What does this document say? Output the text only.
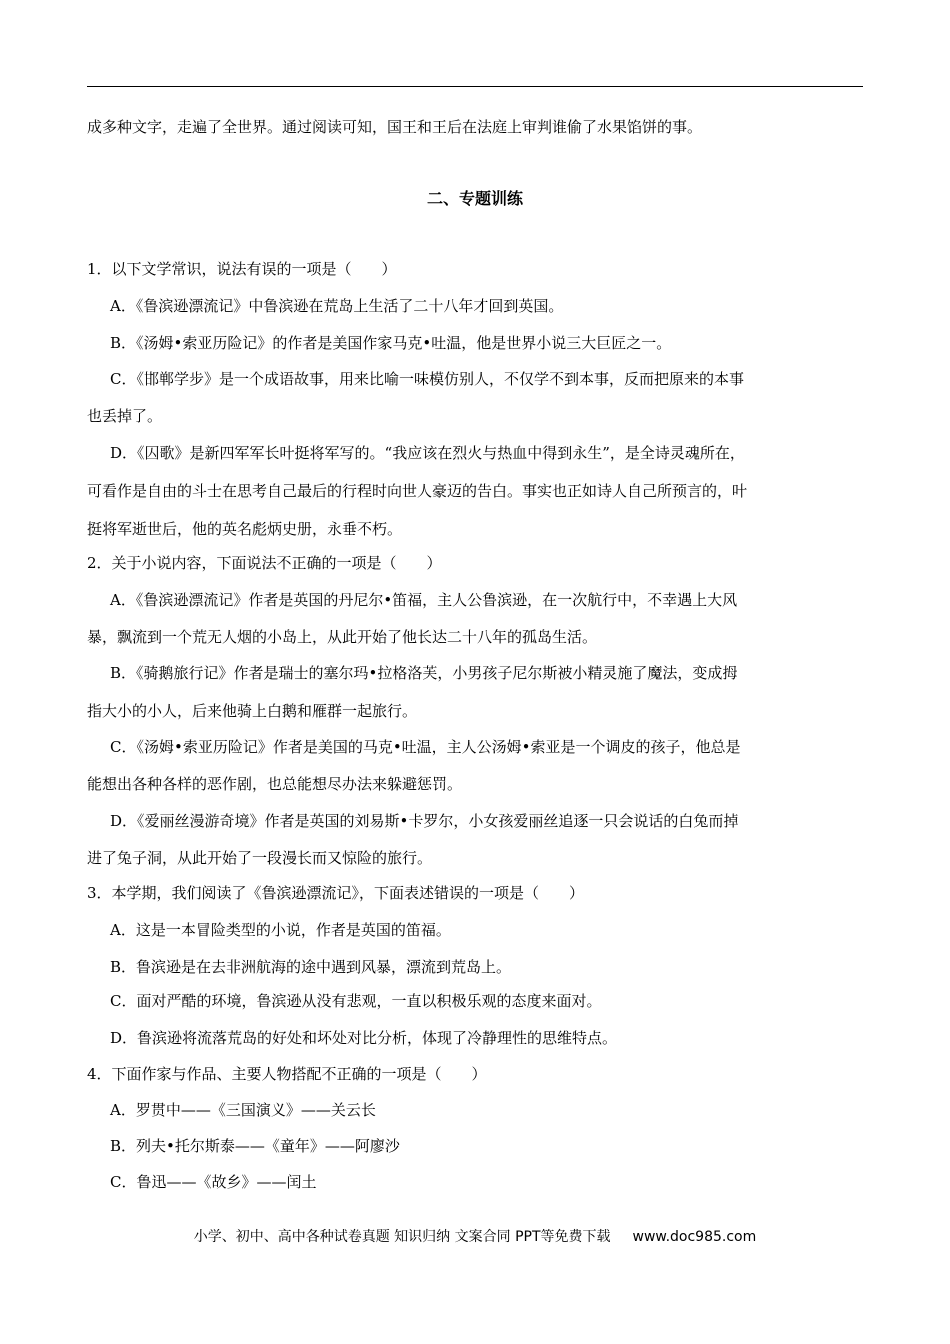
成多种文字，走遍了全世界。通过阅读可知，国王和王后在法庭上审判谁偷了水果馅饼的事。
二、专题训练
1．以下文学常识，说法有误的一项是（　　）
A．《鲁滨逊漂流记》中鲁滨逊在荒岛上生活了二十八年才回到英国。
B．《汤姆•索亚历险记》的作者是美国作家马克•吐温，他是世界小说三大巨匠之一。
C．《邯郸学步》是一个成语故事，用来比喻一味模仿别人，不仅学不到本事，反而把原来的本事
也丢掉了。
D．《囚歌》是新四军军长叶挺将军写的。“我应该在烈火与热血中得到永生”，是全诗灵魂所在，
可看作是自由的斗士在思考自己最后的行程时向世人豪迈的告白。事实也正如诗人自己所预言的，叶
挺将军逝世后，他的英名彪炳史册，永垂不朽。
2．关于小说内容，下面说法不正确的一项是（　　）
A．《鲁滨逊漂流记》作者是英国的丹尼尔•笛福，主人公鲁滨逊，在一次航行中，不幸遇上大风
暴，飘流到一个荒无人烟的小岛上，从此开始了他长达二十八年的孤岛生活。
B．《骑鹅旅行记》作者是瑞士的塞尔玛•拉格洛芙，小男孩子尼尔斯被小精灵施了魔法，变成拇
指大小的小人，后来他骑上白鹅和雁群一起旅行。
C．《汤姆•索亚历险记》作者是美国的马克•吐温，主人公汤姆•索亚是一个调皮的孩子，他总是
能想出各种各样的恶作剧，也总能想尽办法来躲避惩罚。
D．《爱丽丝漫游奇境》作者是英国的刘易斯•卡罗尔，小女孩爱丽丝追逐一只会说话的白兔而掉
进了兔子洞，从此开始了一段漫长而又惊险的旅行。
3．本学期，我们阅读了《鲁滨逊漂流记》，下面表述错误的一项是（　　）
A．这是一本冒险类型的小说，作者是英国的笛福。
B．鲁滨逊是在去非洲航海的途中遇到风暴，漂流到荒岛上。
C．面对严酷的环境，鲁滨逊从没有悲观，一直以积极乐观的态度来面对。
D．鲁滨逊将流落荒岛的好处和坏处对比分析，体现了冷静理性的思维特点。
4．下面作家与作品、主要人物搭配不正确的一项是（　　）
A．罗贯中——《三国演义》——关云长
B．列夫•托尔斯泰——《童年》——阿廖沙
C．鲁迅——《故乡》——闰土
小学、初中、高中各种试卷真题 知识归纳 文案合同 PPT等免费下载 www.doc985.com
